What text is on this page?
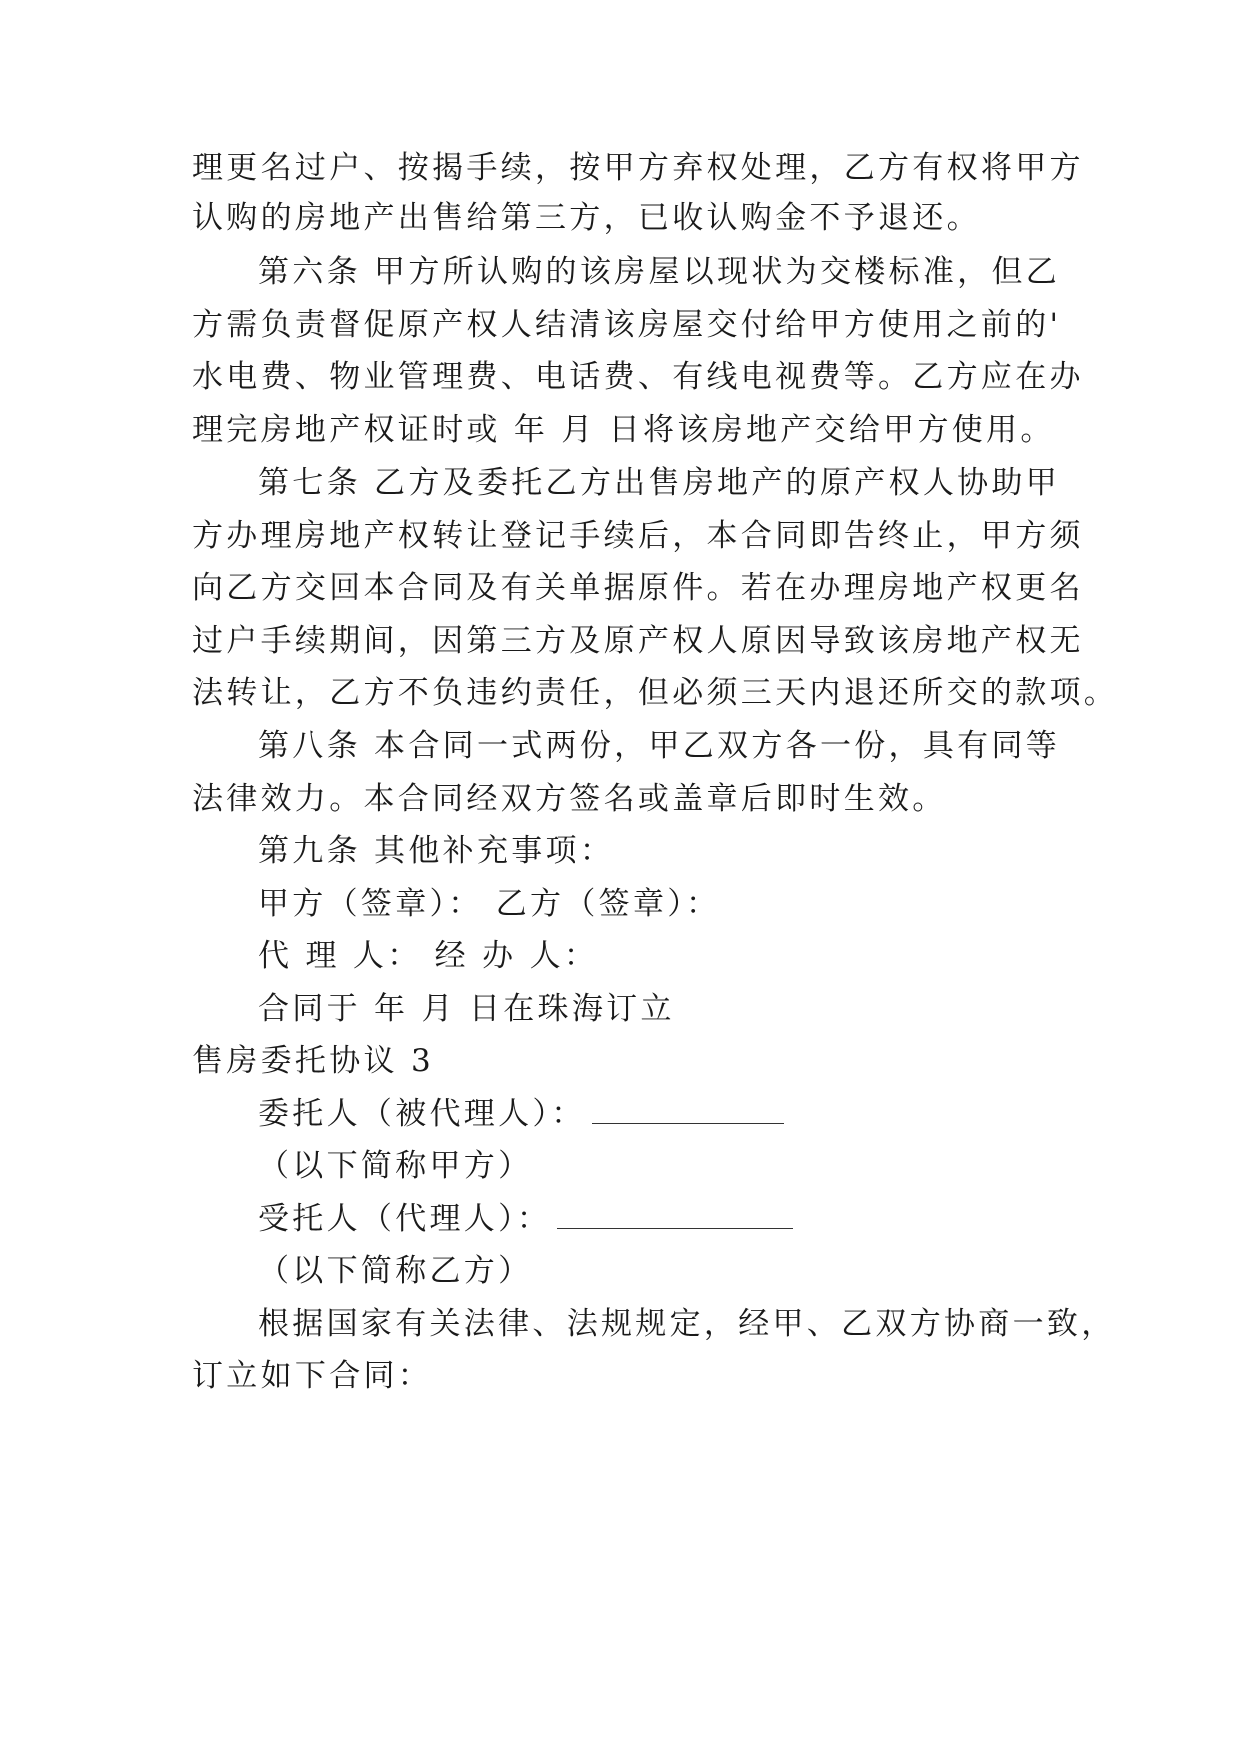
理更名过户、按揭手续，按甲方弃权处理，乙方有权将甲方
认购的房地产出售给第三方，已收认购金不予退还。
第六条 甲方所认购的该房屋以现状为交楼标准，但乙
方需负责督促原产权人结清该房屋交付给甲方使用之前的'
水电费、物业管理费、电话费、有线电视费等。乙方应在办
理完房地产权证时或 年 月 日将该房地产交给甲方使用。
第七条 乙方及委托乙方出售房地产的原产权人协助甲
方办理房地产权转让登记手续后，本合同即告终止，甲方须
向乙方交回本合同及有关单据原件。若在办理房地产权更名
过户手续期间，因第三方及原产权人原因导致该房地产权无
法转让，乙方不负违约责任，但必须三天内退还所交的款项。
第八条 本合同一式两份，甲乙双方各一份，具有同等
法律效力。本合同经双方签名或盖章后即时生效。
第九条 其他补充事项：
甲方（签章）： 乙方（签章）：
代 理 人： 经 办 人：
合同于 年 月 日在珠海订立
售房委托协议 3
委托人（被代理人）：
（以下简称甲方）
受托人（代理人）：
（以下简称乙方）
根据国家有关法律、法规规定，经甲、乙双方协商一致，
订立如下合同：
